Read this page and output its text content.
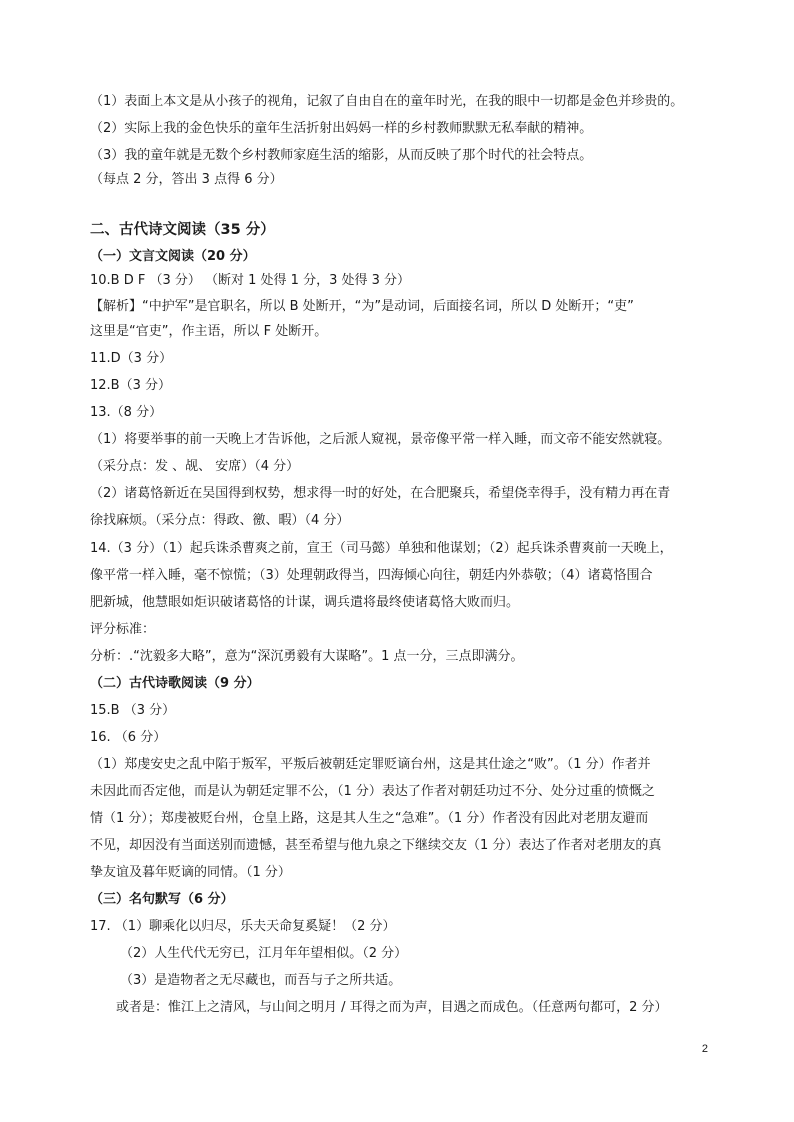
（1）表面上本文是从小孩子的视角，记叙了自由自在的童年时光，在我的眼中一切都是金色并珍贵的。
（2）实际上我的金色快乐的童年生活折射出妈妈一样的乡村教师默默无私奉献的精神。
（3）我的童年就是无数个乡村教师家庭生活的缩影，从而反映了那个时代的社会特点。
（每点 2 分，答出 3 点得 6 分）
二、古代诗文阅读（35 分）
（一）文言文阅读（20 分）
10.B D F （3 分） （断对 1 处得 1 分，3 处得 3 分）
【解析】“中护军”是官职名，所以 B 处断开，“为”是动词，后面接名词，所以 D 处断开；“吏”
这里是“官吏”，作主语，所以 F 处断开。
11.D（3 分）
12.B（3 分）
13.（8 分）
（1）将要举事的前一天晚上才告诉他，之后派人窥视，景帝像平常一样入睡，而文帝不能安然就寝。
（采分点：发 、觇、 安席）（4 分）
（2）诸葛恪新近在吴国得到权势，想求得一时的好处，在合肥聚兵，希望侥幸得手，没有精力再在青
徐找麻烦。（采分点：得政、徼、暇）（4 分）
14.（3 分）（1）起兵诛杀曹爽之前，宣王（司马懿）单独和他谋划；（2）起兵诛杀曹爽前一天晚上，
像平常一样入睡，毫不惊慌；（3）处理朝政得当，四海倾心向往，朝廷内外恭敬；（4）诸葛恪围合
肥新城，他慧眼如炬识破诸葛恪的计谋，调兵遣将最终使诸葛恪大败而归。
评分标准：
分析：.“沈毅多大略”，意为“深沉勇毅有大谋略”。1 点一分，三点即满分。
（二）古代诗歌阅读（9 分）
15.B （3 分）
16. （6 分）
（1）郑虔安史之乱中陷于叛军，平叛后被朝廷定罪贬谪台州，这是其仕途之“败”。（1 分）作者并
未因此而否定他，而是认为朝廷定罪不公，（1 分）表达了作者对朝廷功过不分、处分过重的愤慨之
情（1 分）；郑虔被贬台州，仓皇上路，这是其人生之“急难”。（1 分）作者没有因此对老朋友避而
不见，却因没有当面送别而遗憾，甚至希望与他九泉之下继续交友（1 分）表达了作者对老朋友的真
挚友谊及暮年贬谪的同情。（1 分）
（三）名句默写（6 分）
17. （1）聊乘化以归尽，乐夫天命复奚疑！（2 分）
（2）人生代代无穷已，江月年年望相似。（2 分）
（3）是造物者之无尽藏也，而吾与子之所共适。
或者是：惟江上之清风，与山间之明月 / 耳得之而为声，目遇之而成色。（任意两句都可，2 分）
2
